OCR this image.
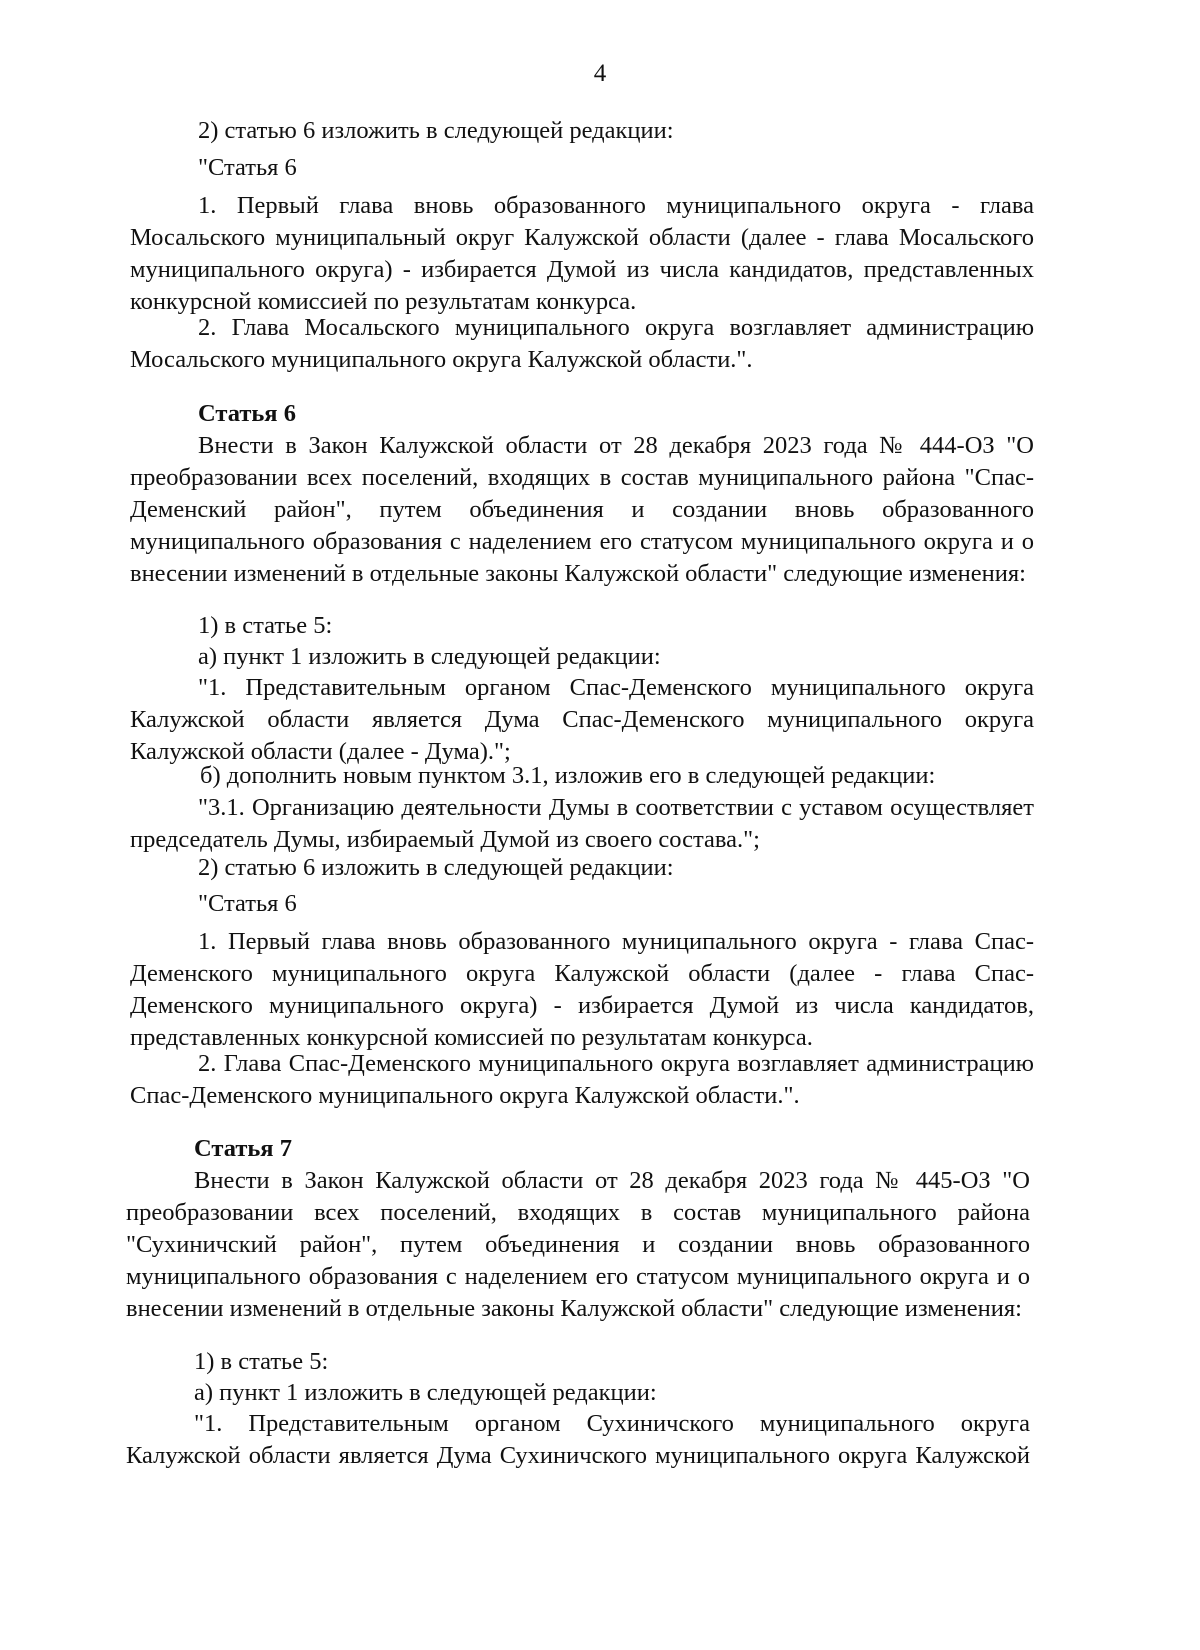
4

2) статью 6 изложить в следующей редакции:

"Статья 6

1. Первый глава вновь образованного муниципального округа - глава Мосальского муниципальный округ Калужской области (далее - глава Мосальского муниципального округа) - избирается Думой из числа кандидатов, представленных конкурсной комиссией по результатам конкурса.

2. Глава Мосальского муниципального округа возглавляет администрацию Мосальского муниципального округа Калужской области.".

Статья 6

Внести в Закон Калужской области от 28 декабря 2023 года № 444-ОЗ "О преобразовании всех поселений, входящих в состав муниципального района "Спас-Деменский район", путем объединения и создании вновь образованного муниципального образования с наделением его статусом муниципального округа и о внесении изменений в отдельные законы Калужской области" следующие изменения:

1) в статье 5:

а) пункт 1 изложить в следующей редакции:

"1. Представительным органом Спас-Деменского муниципального округа Калужской области является Дума Спас-Деменского муниципального округа Калужской области (далее - Дума).";

б) дополнить новым пунктом 3.1, изложив его в следующей редакции:

"3.1. Организацию деятельности Думы в соответствии с уставом осуществляет председатель Думы, избираемый Думой из своего состава.";

2) статью 6 изложить в следующей редакции:

"Статья 6

1. Первый глава вновь образованного муниципального округа - глава Спас-Деменского муниципального округа Калужской области (далее - глава Спас-Деменского муниципального округа) - избирается Думой из числа кандидатов, представленных конкурсной комиссией по результатам конкурса.

2. Глава Спас-Деменского муниципального округа возглавляет администрацию Спас-Деменского муниципального округа Калужской области.".

Статья 7

Внести в Закон Калужской области от 28 декабря 2023 года № 445-ОЗ "О преобразовании всех поселений, входящих в состав муниципального района "Сухиничский район", путем объединения и создании вновь образованного муниципального образования с наделением его статусом муниципального округа и о внесении изменений в отдельные законы Калужской области" следующие изменения:

1) в статье 5:

а) пункт 1 изложить в следующей редакции:

"1. Представительным органом Сухиничского муниципального округа Калужской области является Дума Сухиничского муниципального округа Калужской
